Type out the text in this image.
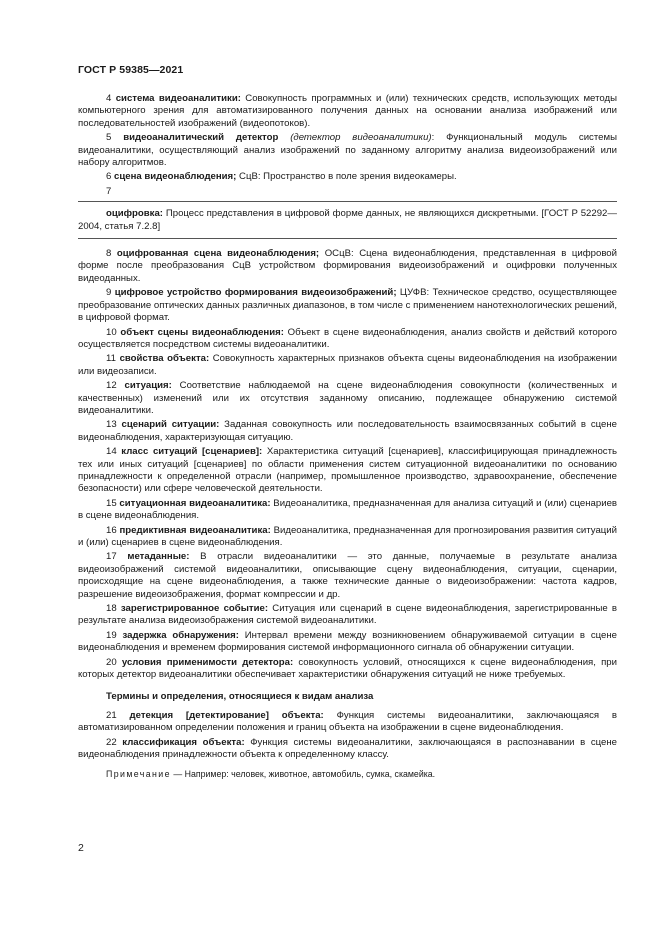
ГОСТ Р 59385—2021

4 система видеоаналитики: Совокупность программных и (или) технических средств, использующих методы компьютерного зрения для автоматизированного получения данных на основании анализа изображений или последовательностей изображений (видеопотоков).

5 видеоаналитический детектор (детектор видеоаналитики): Функциональный модуль системы видеоаналитики, осуществляющий анализ изображений по заданному алгоритму анализа видеоизображений или набору алгоритмов.

6 сцена видеонаблюдения; СцВ: Пространство в поле зрения видеокамеры.

7

оцифровка: Процесс представления в цифровой форме данных, не являющихся дискретными. [ГОСТ Р 52292—2004, статья 7.2.8]

8 оцифрованная сцена видеонаблюдения; ОСцВ: Сцена видеонаблюдения, представленная в цифровой форме после преобразования СцВ устройством формирования видеоизображений и оцифровки полученных видеоданных.

9 цифровое устройство формирования видеоизображений; ЦУФВ: Техническое средство, осуществляющее преобразование оптических данных различных диапазонов, в том числе с применением нанотехнологических решений, в цифровой формат.

10 объект сцены видеонаблюдения: Объект в сцене видеонаблюдения, анализ свойств и действий которого осуществляется посредством системы видеоаналитики.

11 свойства объекта: Совокупность характерных признаков объекта сцены видеонаблюдения на изображении или видеозаписи.

12 ситуация: Соответствие наблюдаемой на сцене видеонаблюдения совокупности (количественных и качественных) изменений или их отсутствия заданному описанию, подлежащее обнаружению системой видеоаналитики.

13 сценарий ситуации: Заданная совокупность или последовательность взаимосвязанных событий в сцене видеонаблюдения, характеризующая ситуацию.

14 класс ситуаций [сценариев]: Характеристика ситуаций [сценариев], классифицирующая принадлежность тех или иных ситуаций [сценариев] по области применения систем ситуационной видеоаналитики по основанию принадлежности к определенной отрасли (например, промышленное производство, здравоохранение, обеспечение безопасности) или сфере человеческой деятельности.

15 ситуационная видеоаналитика: Видеоаналитика, предназначенная для анализа ситуаций и (или) сценариев в сцене видеонаблюдения.

16 предиктивная видеоаналитика: Видеоаналитика, предназначенная для прогнозирования развития ситуаций и (или) сценариев в сцене видеонаблюдения.

17 метаданные: В отрасли видеоаналитики — это данные, получаемые в результате анализа видеоизображений системой видеоаналитики, описывающие сцену видеонаблюдения, ситуации, сценарии, происходящие на сцене видеонаблюдения, а также технические данные о видеоизображении: частота кадров, разрешение видеоизображения, формат компрессии и др.

18 зарегистрированное событие: Ситуация или сценарий в сцене видеонаблюдения, зарегистрированные в результате анализа видеоизображения системой видеоаналитики.

19 задержка обнаружения: Интервал времени между возникновением обнаруживаемой ситуации в сцене видеонаблюдения и временем формирования системой информационного сигнала об обнаружении ситуации.

20 условия применимости детектора: совокупность условий, относящихся к сцене видеонаблюдения, при которых детектор видеоаналитики обеспечивает характеристики обнаружения ситуаций не ниже требуемых.

Термины и определения, относящиеся к видам анализа

21 детекция [детектирование] объекта: Функция системы видеоаналитики, заключающаяся в автоматизированном определении положения и границ объекта на изображении в сцене видеонаблюдения.

22 классификация объекта: Функция системы видеоаналитики, заключающаяся в распознавании в сцене видеонаблюдения принадлежности объекта к определенному классу.

Примечание — Например: человек, животное, автомобиль, сумка, скамейка.

2
